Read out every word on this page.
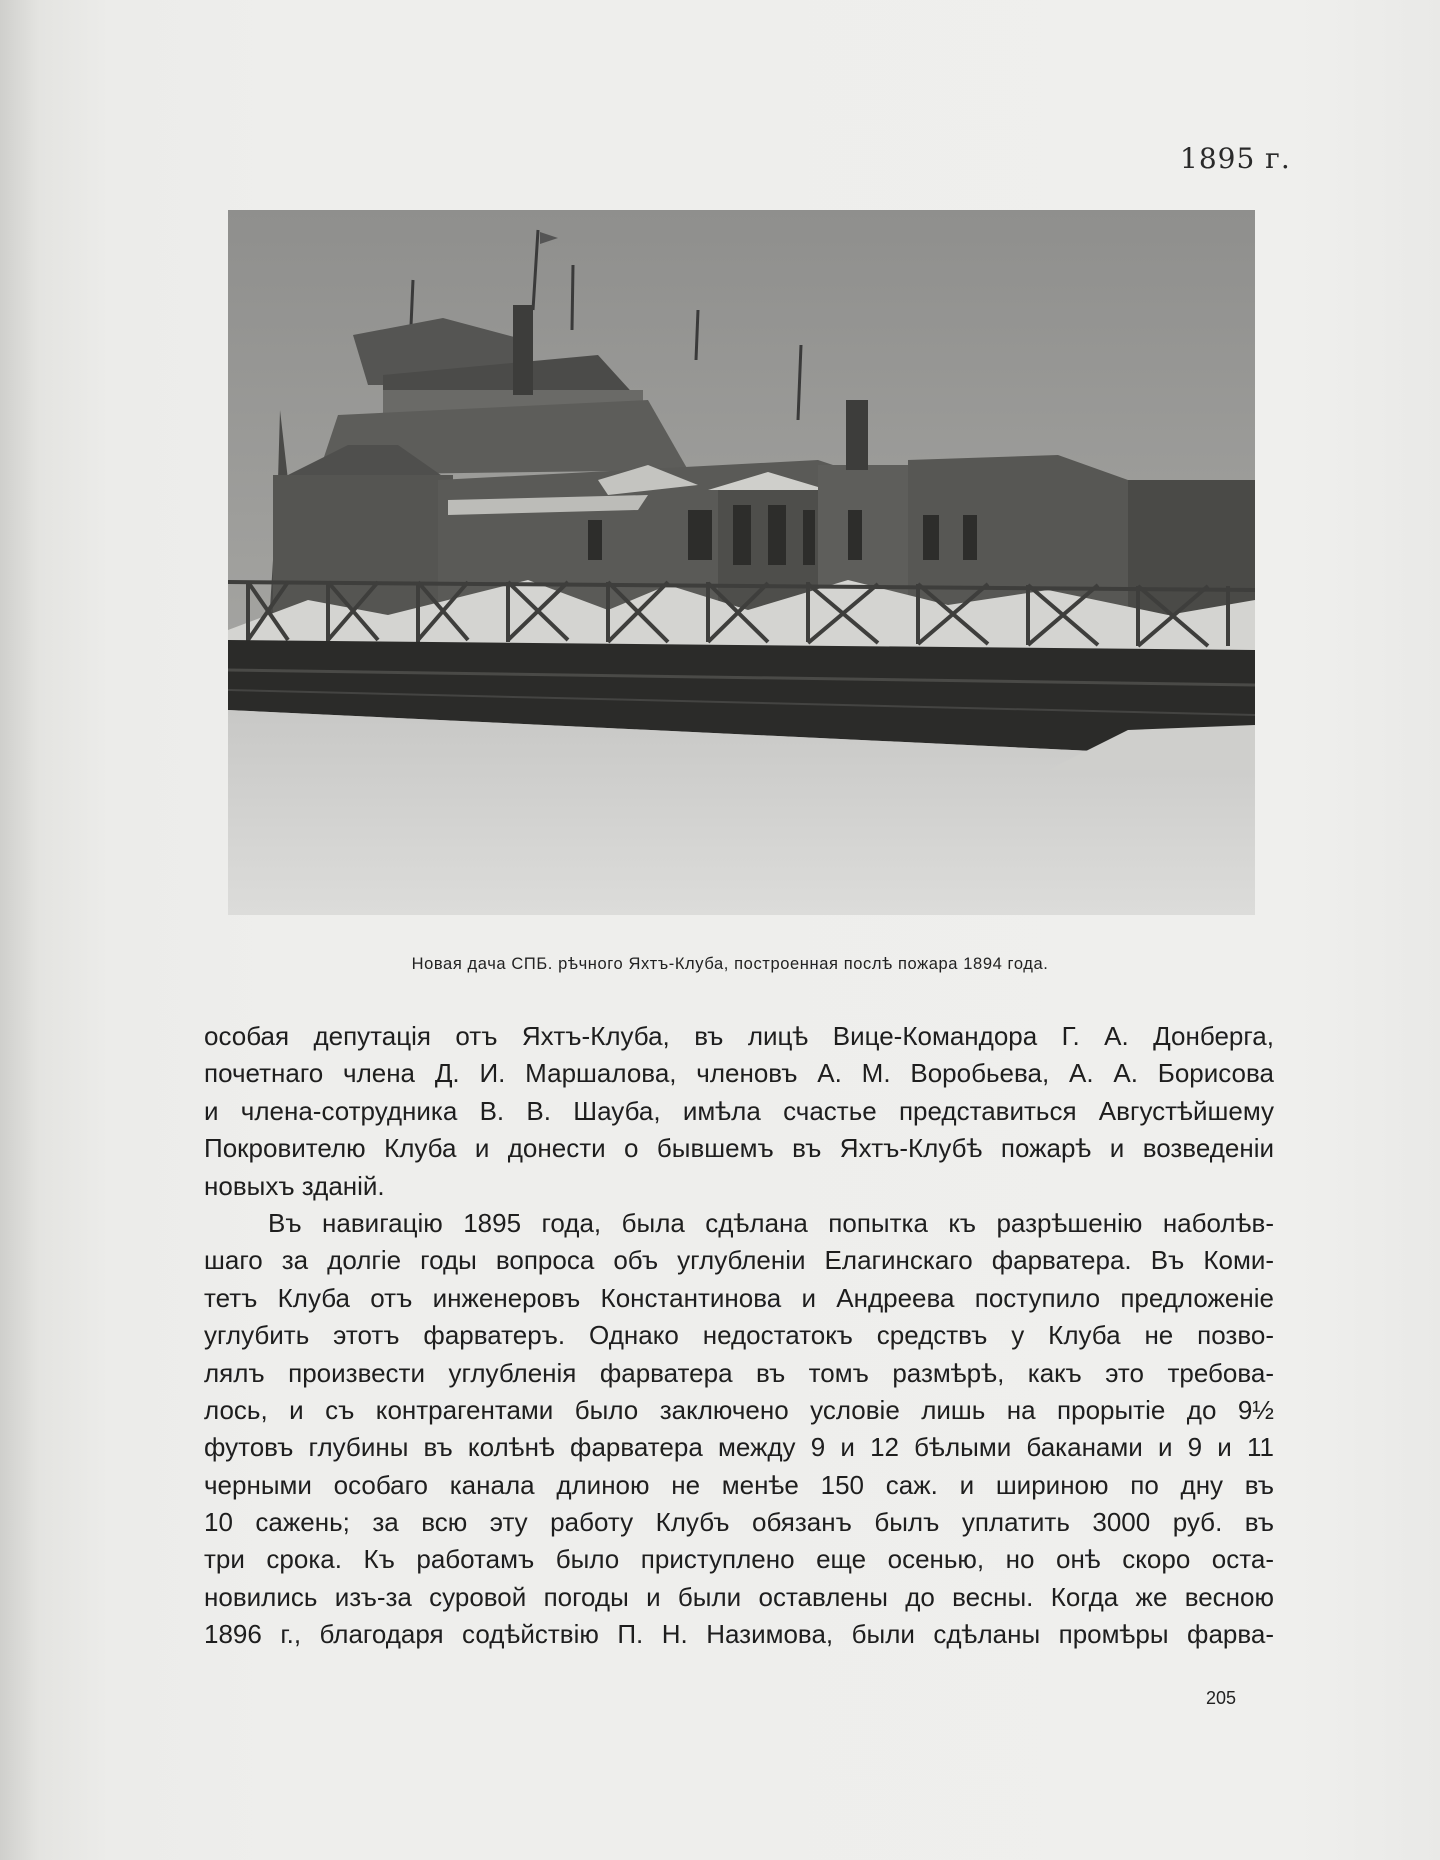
1895 г.
Новая дача СПБ. рѣчного Яхтъ-Клуба, построенная послѣ пожара 1894 года.
особая депутація отъ Яхтъ-Клуба, въ лицѣ Вице-Командора Г. А. Донберга,
почетнаго члена Д. И. Маршалова, членовъ А. М. Воробьева, А. А. Борисова
и члена-сотрудника В. В. Шауба, имѣла счастье представиться Августѣйшему
Покровителю Клуба и донести о бывшемъ въ Яхтъ-Клубѣ пожарѣ и возведеніи
новыхъ зданій.
Въ навигацію 1895 года, была сдѣлана попытка къ разрѣшенію наболѣв-
шаго за долгіе годы вопроса объ углубленіи Елагинскаго фарватера. Въ Коми-
тетъ Клуба отъ инженеровъ Константинова и Андреева поступило предложеніе
углубить этотъ фарватеръ. Однако недостатокъ средствъ у Клуба не позво-
лялъ произвести углубленія фарватера въ томъ размѣрѣ, какъ это требова-
лось, и съ контрагентами было заключено условіе лишь на прорытіе до 9½
футовъ глубины въ колѣнѣ фарватера между 9 и 12 бѣлыми баканами и 9 и 11
черными особаго канала длиною не менѣе 150 саж. и шириною по дну въ
10 сажень; за всю эту работу Клубъ обязанъ былъ уплатить 3000 руб. въ
три срока. Къ работамъ было приступлено еще осенью, но онѣ скоро оста-
новились изъ-за суровой погоды и были оставлены до весны. Когда же весною
1896 г., благодаря содѣйствію П. Н. Назимова, были сдѣланы промѣры фарва-
205
